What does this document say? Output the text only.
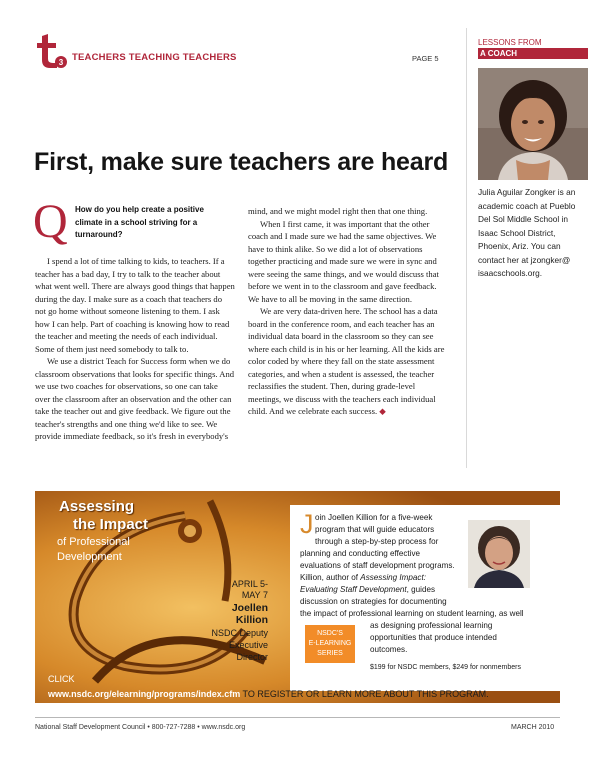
3 TEACHERS TEACHING TEACHERS	PAGE 5
LESSONS FROM
A COACH
Julia Aguilar Zongker is an academic coach at Pueblo Del Sol Middle School in Isaac School District, Phoenix, Ariz. You can contact her at jzongker@ isaacschools.org.
First, make sure teachers are heard
Q How do you help create a positive climate in a school striving for a turnaround?

I spend a lot of time talking to kids, to teachers. If a teacher has a bad day, I try to talk to the teacher about what went well. There are always good things that happen during the day. I make sure as a coach that teachers do not go home without someone listening to them. I ask how I can help. Part of coaching is knowing how to read the teacher and meeting the needs of each individual. Some of them just need somebody to talk to.

We use a district Teach for Success form when we do classroom observations that looks for specific things. And we use two coaches for observations, so one can take over the classroom after an observation and the other can take the teacher out and give feedback. We figure out the teacher's strengths and one thing we'd like to see. We provide immediate feedback, so it's fresh in everybody's

mind, and we might model right then that one thing.

When I first came, it was important that the other coach and I made sure we had the same objectives. We have to think alike. So we did a lot of observations together practicing and made sure we were in sync and were seeing the same things, and we would discuss that before we went in to the classroom and gave feedback. We have to all be moving in the same direction.

We are very data-driven here. The school has a data board in the conference room, and each teacher has an individual data board in the classroom so they can see where each child is in his or her learning. All the kids are color coded by where they fall on the state assessment categories, and when a student is assessed, the teacher reclassifies the student. Then, during grade-level meetings, we discuss with the teachers each individual child. And we celebrate each success. ◆

Assessing
the Impact
of Professional
Development
APRIL 5-
MAY 7
Joellen
Killion
NSDC Deputy
Executive
Director
J oin Joellen Killion for a five-week
program that will guide educators
through a step-by-step process for
planning and conducting effective
evaluations of staff development programs.
Killion, author of Assessing Impact:
Evaluating Staff Development, guides
discussion on strategies for documenting
the impact of professional learning on student learning, as well
as designing professional learning
opportunities that produce intended
outcomes.
NSDC'S
E-LEARNING
SERIES
$199 for NSDC members, $249 for nonmembers
CLICK
www.nsdc.org/elearning/programs/index.cfm TO REGISTER OR LEARN MORE ABOUT THIS PROGRAM.
National Staff Development Council • 800-727-7288 • www.nsdc.org	MARCH 2010
